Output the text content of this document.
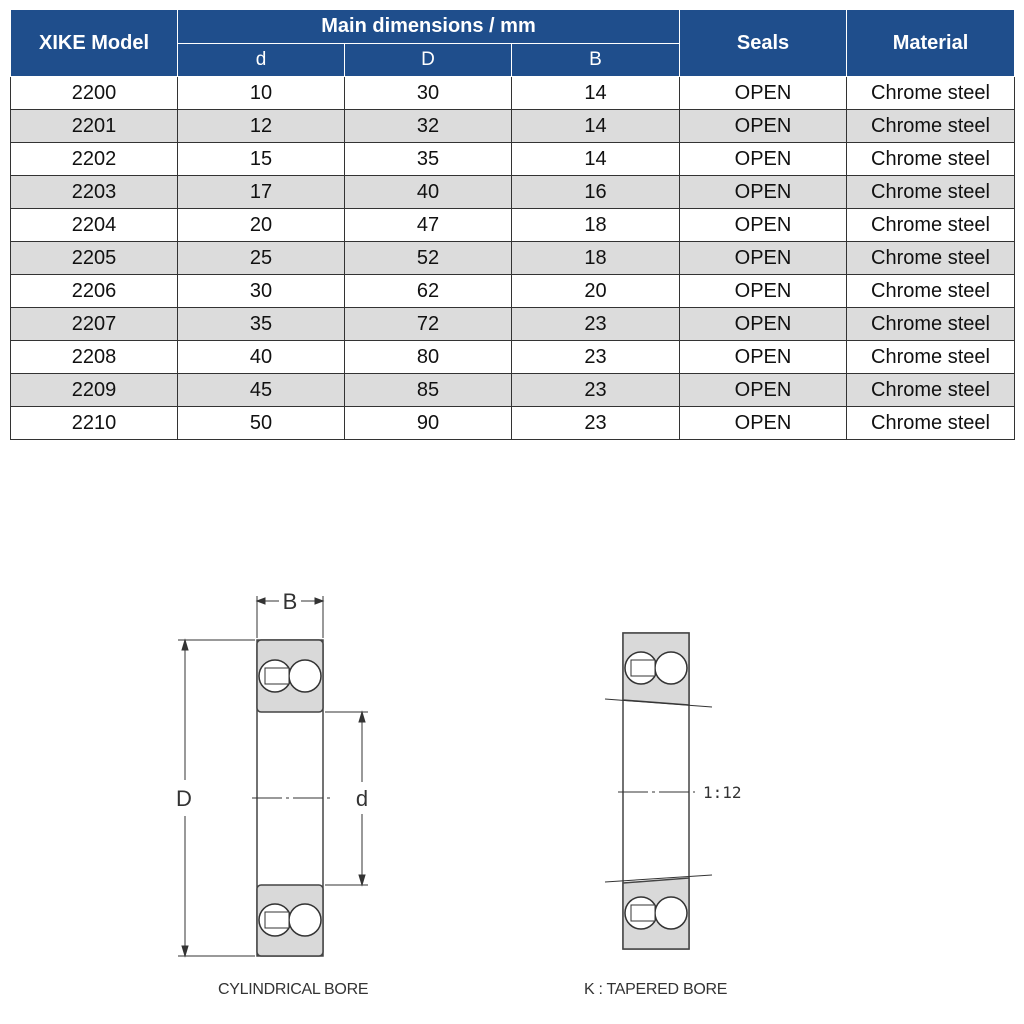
XIKE Model	Main dimensions / mm			Seals	Material
	d	D	B		
2200	10	30	14	OPEN	Chrome steel
2201	12	32	14	OPEN	Chrome steel
2202	15	35	14	OPEN	Chrome steel
2203	17	40	16	OPEN	Chrome steel
2204	20	47	18	OPEN	Chrome steel
2205	25	52	18	OPEN	Chrome steel
2206	30	62	20	OPEN	Chrome steel
2207	35	72	23	OPEN	Chrome steel
2208	40	80	23	OPEN	Chrome steel
2209	45	85	23	OPEN	Chrome steel
2210	50	90	23	OPEN	Chrome steel
B
D	d	1:12
CYLINDRICAL BORE	K : TAPERED BORE
